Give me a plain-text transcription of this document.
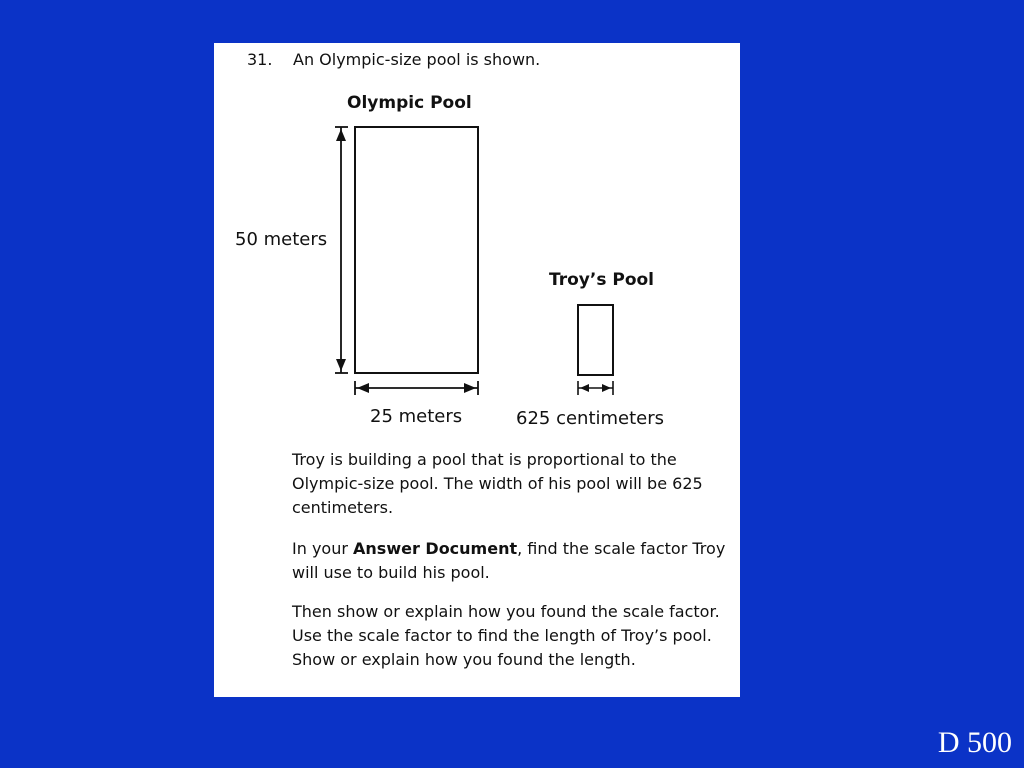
31. An Olympic-size pool is shown.
Olympic Pool
50 meters
25 meters
Troy’s Pool
625 centimeters
Troy is building a pool that is proportional to the Olympic-size pool. The width of his pool will be 625 centimeters.
In your Answer Document, find the scale factor Troy will use to build his pool.
Then show or explain how you found the scale factor. Use the scale factor to find the length of Troy’s pool. Show or explain how you found the length.
D 500
